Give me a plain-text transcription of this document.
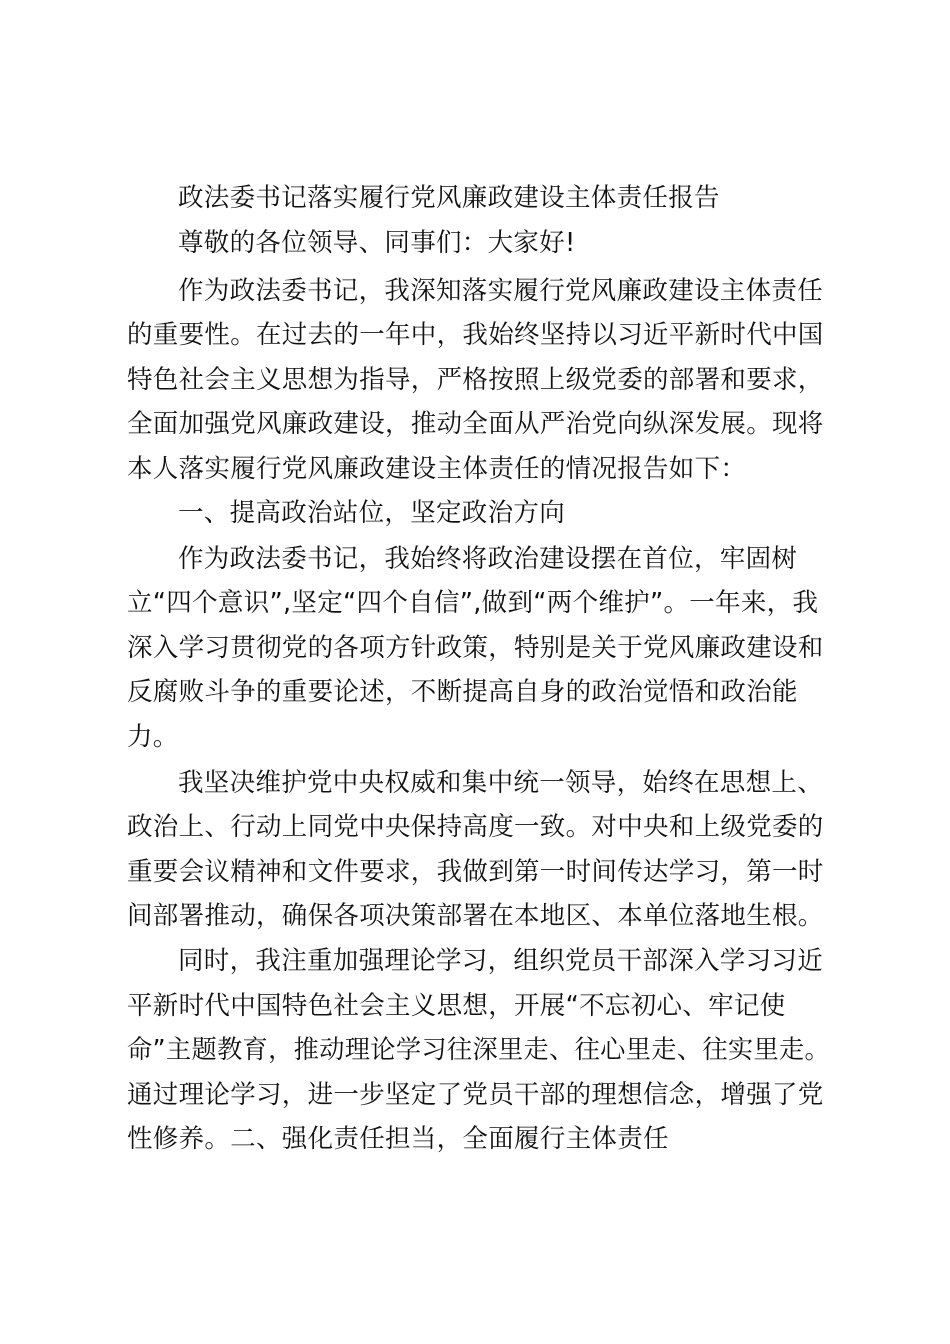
政法委书记落实履行党风廉政建设主体责任报告
尊敬的各位领导、同事们：大家好!
作为政法委书记，我深知落实履行党风廉政建设主体责任
的重要性。在过去的一年中，我始终坚持以习近平新时代中国
特色社会主义思想为指导，严格按照上级党委的部署和要求，
全面加强党风廉政建设，推动全面从严治党向纵深发展。现将
本人落实履行党风廉政建设主体责任的情况报告如下：
一、提高政治站位，坚定政治方向
作为政法委书记，我始终将政治建设摆在首位，牢固树
立“四个意识”,坚定“四个自信”,做到“两个维护”。一年来，我
深入学习贯彻党的各项方针政策，特别是关于党风廉政建设和
反腐败斗争的重要论述，不断提高自身的政治觉悟和政治能
力。
我坚决维护党中央权威和集中统一领导，始终在思想上、
政治上、行动上同党中央保持高度一致。对中央和上级党委的
重要会议精神和文件要求，我做到第一时间传达学习，第一时
间部署推动，确保各项决策部署在本地区、本单位落地生根。
同时，我注重加强理论学习，组织党员干部深入学习习近
平新时代中国特色社会主义思想，开展“不忘初心、牢记使
命”主题教育，推动理论学习往深里走、往心里走、往实里走。
通过理论学习，进一步坚定了党员干部的理想信念，增强了党
性修养。二、强化责任担当，全面履行主体责任
